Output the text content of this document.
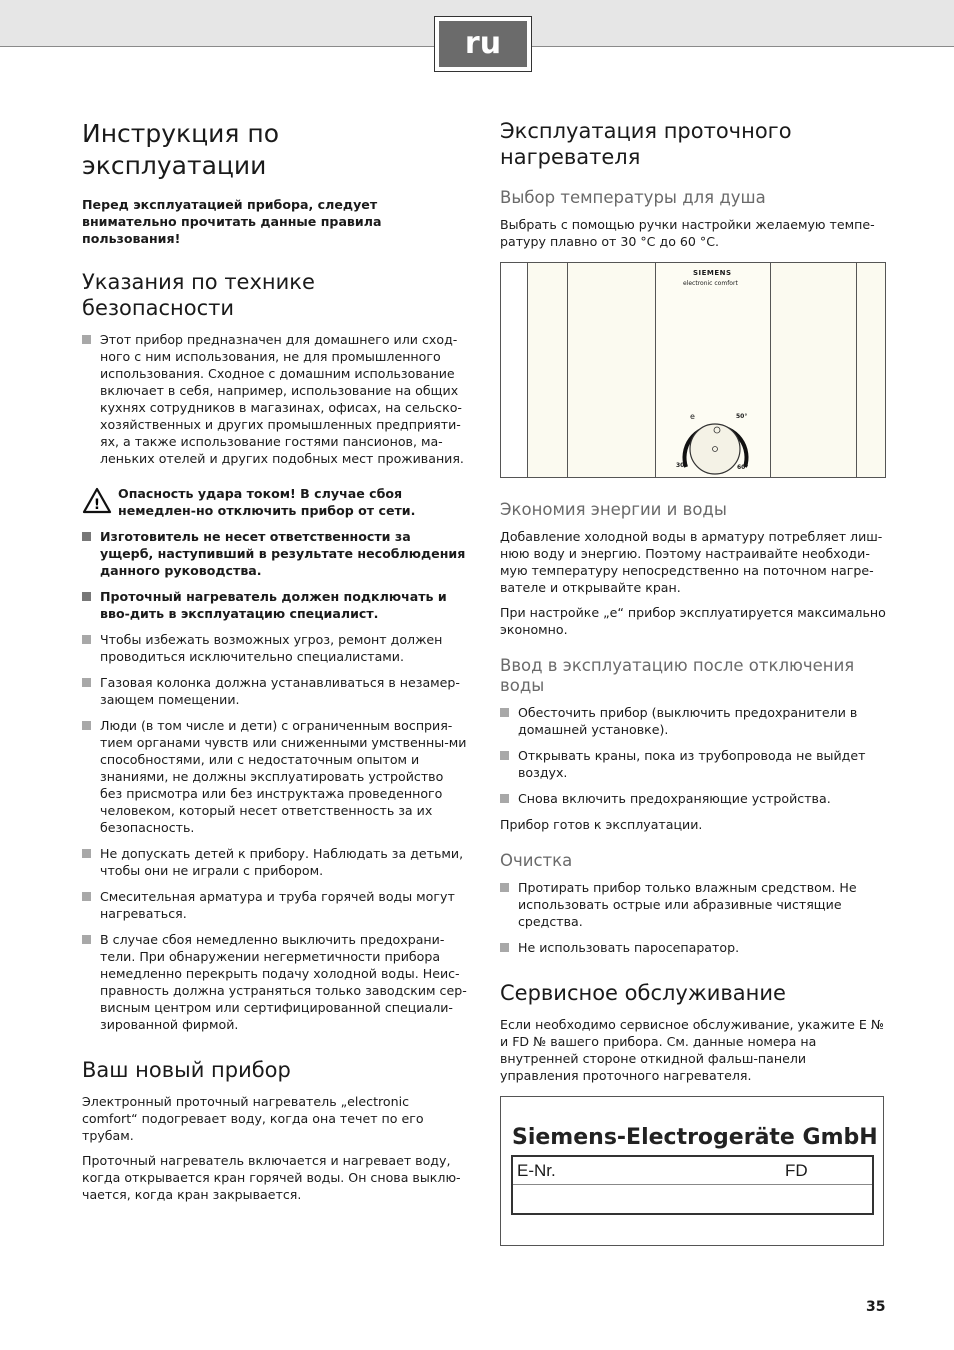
ru
Инструкция по эксплуатации

Перед эксплуатацией прибора, следует внимательно прочитать данные правила пользования!

Указания по технике безопасности
Этот прибор предназначен для домашнего или сход-ного с ним использования, не для промышленного использования. Сходное с домашним использование включает в себя, например, использование на общих кухнях сотрудников в магазинах, офисах, на сельско-хозяйственных и других промышленных предприяти-ях, а также использование гостями пансионов, ма-леньких отелей и других подобных мест проживания.
!
Опасность удара током! В случае сбоя немедлен-но отключить прибор от сети.
Изготовитель не несет ответственности за ущерб, наступивший в результате несоблюдения данного руководства.
Проточный нагреватель должен подключать и вво-дить в эксплуатацию специалист.
Чтобы избежать возможных угроз, ремонт должен проводиться исключительно специалистами.
Газовая колонка должна устанавливаться в незамер-зающем помещении.
Люди (в том числе и дети) с ограниченным восприя-тием органами чувств или сниженными умственны-ми способностями, или с недостаточным опытом и знаниями, не должны эксплуатировать устройство без присмотра или без инструктажа проведенного человеком, который несет ответственность за их безопасность.
Не допускать детей к прибору. Наблюдать за детьми, чтобы они не играли с прибором.
Смесительная арматура и труба горячей воды могут нагреваться.
В случае сбоя немедленно выключить предохрани-тели. При обнаружении негерметичности прибора немедленно перекрыть подачу холодной воды. Неис-правность должна устраняться только заводским сер-висным центром или сертифицированной специали-зированной фирмой.
Ваш новый прибор

Электронный проточный нагреватель „electronic comfort“ подогревает воду, когда она течет по его трубам.

Проточный нагреватель включается и нагревает воду, когда открывается кран горячей воды. Он снова выклю-чается, когда кран закрывается.

Эксплуатация проточного нагревателя
Выбор температуры для душа

Выбрать с помощью ручки настройки желаемую темпе-ратуру плавно от 30 °C до 60 °C.

SIEMENS
electronic comfort
e	50°
30°	60°
Экономия энергии и воды

Добавление холодной воды в арматуру потребляет лиш-нюю воду и энергию. Поэтому настраивайте необходи-мую температуру непосредственно на поточном нагре-вателе и открывайте кран.

При настройке „e“ прибор эксплуатируется максимально экономно.

Ввод в эксплуатацию после отключения воды
Обесточить прибор (выключить предохранители в домашней установке).
Открывать краны, пока из трубопровода не выйдет воздух.
Снова включить предохраняющие устройства.

Прибор готов к эксплуатации.

Очистка
Протирать прибор только влажным средством. Не использовать острые или абразивные чистящие средства.
Не использовать паросепаратор.
Сервисное обслуживание

Если необходимо сервисное обслуживание, укажите E № и FD № вашего прибора. См. данные номера на внутренней стороне откидной фальш-панели управления проточного нагревателя.

Siemens-Electrogeräte GmbH
E-Nr.	FD
35
